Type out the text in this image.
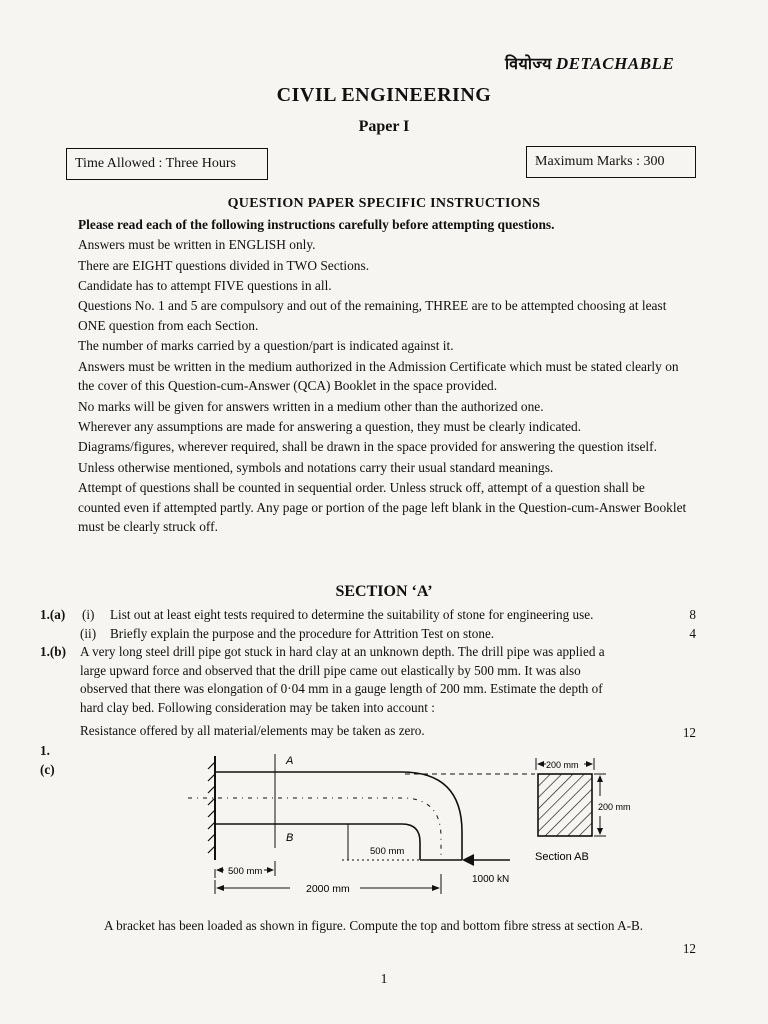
वियोज्य DETACHABLE
CIVIL ENGINEERING
Paper I
Time Allowed : Three Hours	Maximum Marks : 300
QUESTION PAPER SPECIFIC INSTRUCTIONS

Please read each of the following instructions carefully before attempting questions.

Answers must be written in ENGLISH only.

There are EIGHT questions divided in TWO Sections.

Candidate has to attempt FIVE questions in all.

Questions No. 1 and 5 are compulsory and out of the remaining, THREE are to be attempted choosing at least ONE question from each Section.

The number of marks carried by a question/part is indicated against it.

Answers must be written in the medium authorized in the Admission Certificate which must be stated clearly on the cover of this Question-cum-Answer (QCA) Booklet in the space provided.

No marks will be given for answers written in a medium other than the authorized one.

Wherever any assumptions are made for answering a question, they must be clearly indicated.

Diagrams/figures, wherever required, shall be drawn in the space provided for answering the question itself.

Unless otherwise mentioned, symbols and notations carry their usual standard meanings.

Attempt of questions shall be counted in sequential order. Unless struck off, attempt of a question shall be counted even if attempted partly. Any page or portion of the page left blank in the Question-cum-Answer Booklet must be clearly struck off.

SECTION ‘A’
1.(a) (i) List out at least eight tests required to determine the suitability of stone for engineering use.	8
(ii) Briefly explain the purpose and the procedure for Attrition Test on stone.	4
1.(b) A very long steel drill pipe got stuck in hard clay at an unknown depth. The drill pipe was applied a
large upward force and observed that the drill pipe came out elastically by 500 mm. It was also
observed that there was elongation of 0·04 mm in a gauge length of 200 mm. Estimate the depth of
hard clay bed. Following consideration may be taken into account :
Resistance offered by all material/elements may be taken as zero.	12
1.(c)
A
B
500 mm
1000 kN
500 mm
2000 mm
200 mm
200 mm
Section AB
A bracket has been loaded as shown in figure. Compute the top and bottom fibre stress at section A-B.
12
1
